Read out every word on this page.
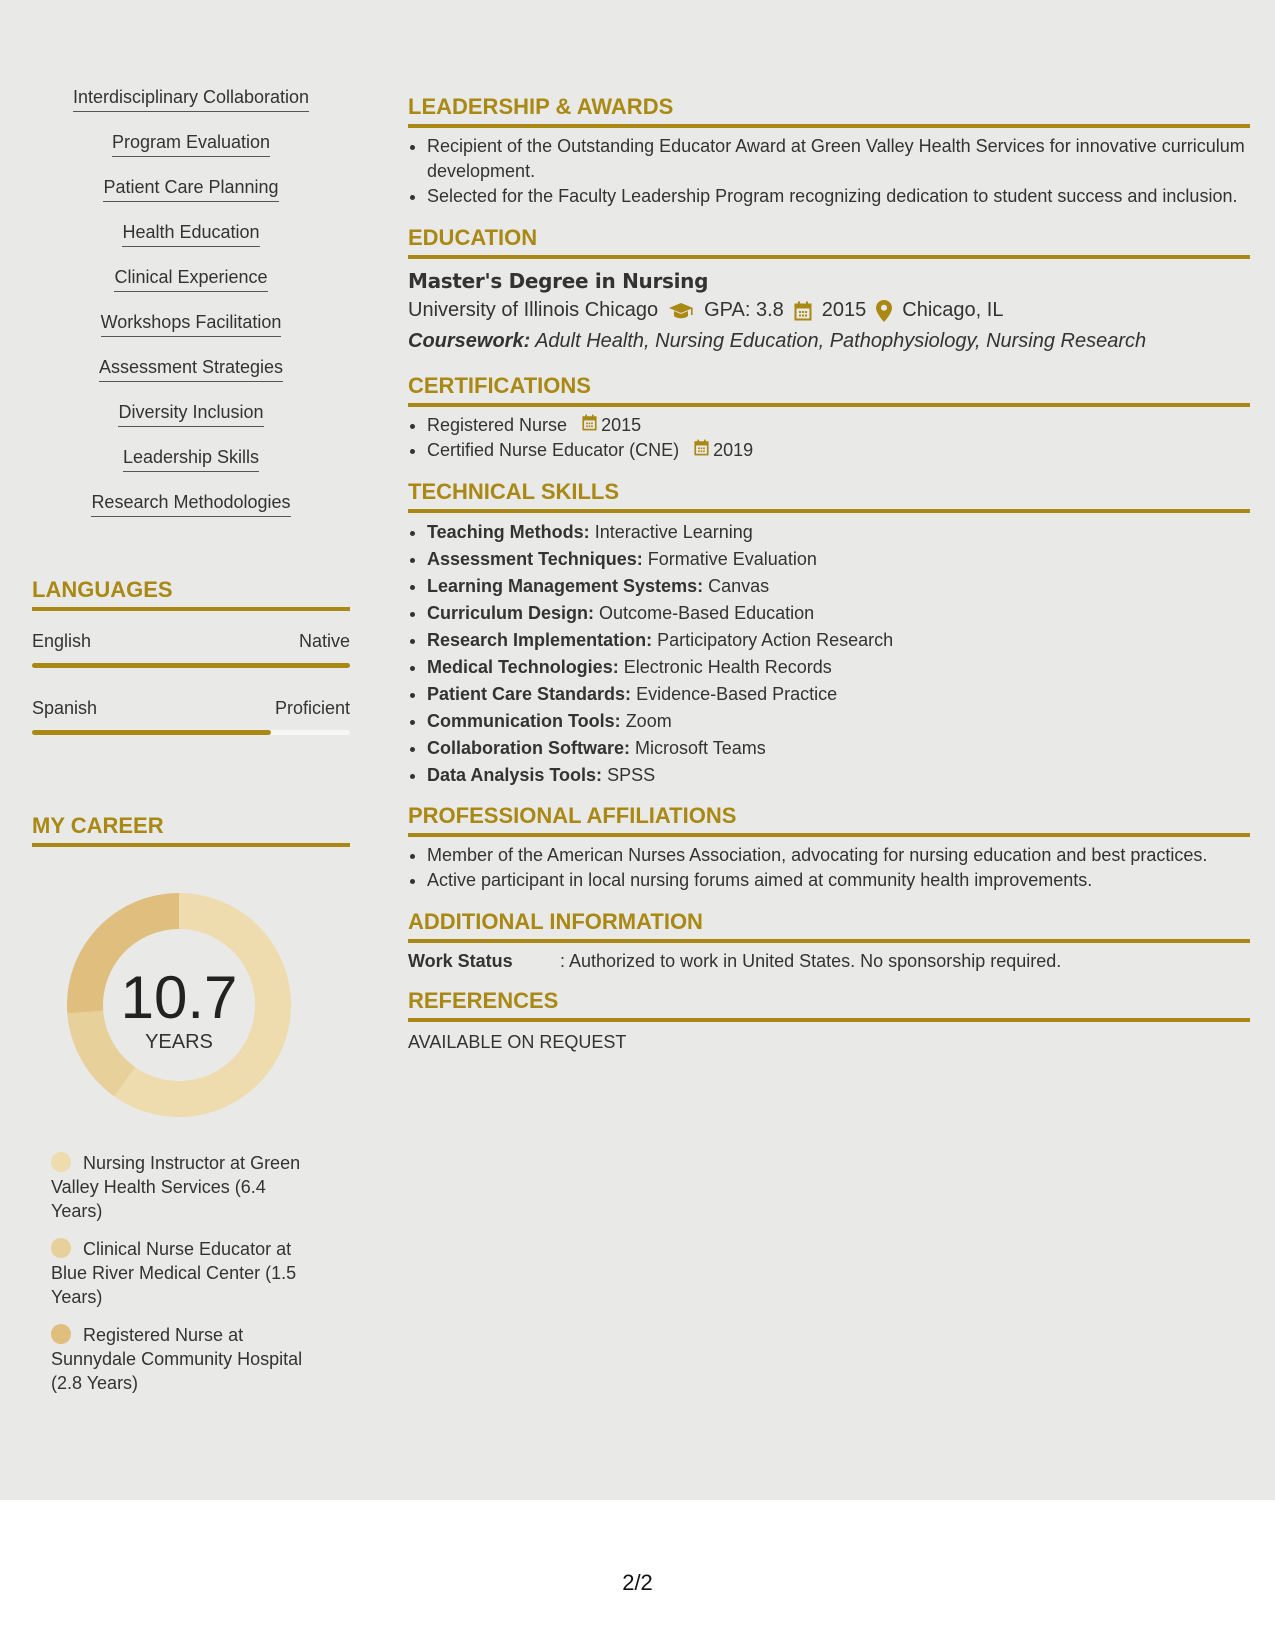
Interdisciplinary Collaboration
Program Evaluation
Patient Care Planning
Health Education
Clinical Experience
Workshops Facilitation
Assessment Strategies
Diversity Inclusion
Leadership Skills
Research Methodologies
LANGUAGES
English	Native
Spanish	Proficient
MY CAREER
10.7
YEARS
Nursing Instructor at Green Valley Health Services (6.4 Years)
Clinical Nurse Educator at Blue River Medical Center (1.5 Years)
Registered Nurse at Sunnydale Community Hospital (2.8 Years)
LEADERSHIP & AWARDS
• Recipient of the Outstanding Educator Award at Green Valley Health Services for innovative curriculum development.
• Selected for the Faculty Leadership Program recognizing dedication to student success and inclusion.
EDUCATION
Master's Degree in Nursing
University of Illinois Chicago GPA: 3.8 2015 Chicago, IL
Coursework: Adult Health, Nursing Education, Pathophysiology, Nursing Research
CERTIFICATIONS
• Registered Nurse 2015
• Certified Nurse Educator (CNE) 2019
TECHNICAL SKILLS
• Teaching Methods: Interactive Learning
• Assessment Techniques: Formative Evaluation
• Learning Management Systems: Canvas
• Curriculum Design: Outcome-Based Education
• Research Implementation: Participatory Action Research
• Medical Technologies: Electronic Health Records
• Patient Care Standards: Evidence-Based Practice
• Communication Tools: Zoom
• Collaboration Software: Microsoft Teams
• Data Analysis Tools: SPSS
PROFESSIONAL AFFILIATIONS
• Member of the American Nurses Association, advocating for nursing education and best practices.
• Active participant in local nursing forums aimed at community health improvements.
ADDITIONAL INFORMATION
Work Status	: Authorized to work in United States. No sponsorship required.
REFERENCES
AVAILABLE ON REQUEST
2/2
